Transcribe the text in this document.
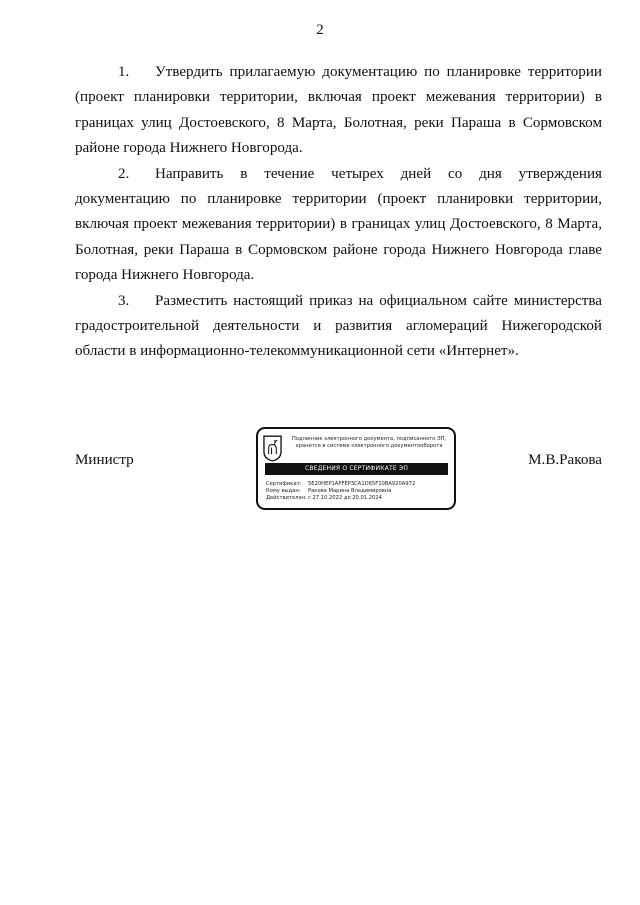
2

1. Утвердить прилагаемую документацию по планировке территории (проект планировки территории, включая проект межевания территории) в границах улиц Достоевского, 8 Марта, Болотная, реки Параша в Сормовском районе города Нижнего Новгорода.

2. Направить в течение четырех дней со дня утверждения документацию по планировке территории (проект планировки территории, включая проект межевания территории) в границах улиц Достоевского, 8 Марта, Болотная, реки Параша в Сормовском районе города Нижнего Новгорода главе города Нижнего Новгорода.

3. Разместить настоящий приказ на официальном сайте министерства градостроительной деятельности и развития агломераций Нижегородской области в информационно-телекоммуникационной сети «Интернет».

Министр
Подлинник электронного документа, подписанного ЭП,
хранится в системе электронного документооборота
СВЕДЕНИЯ О СЕРТИФИКАТЕ ЭП
Сертификат: 5E20HEP1APFEP3CA1D65F10BA920A972
Кому выдан: Ракова Марина Владимировна
Действителен:с 27.10.2022 до 20.01.2024
М.В.Ракова
